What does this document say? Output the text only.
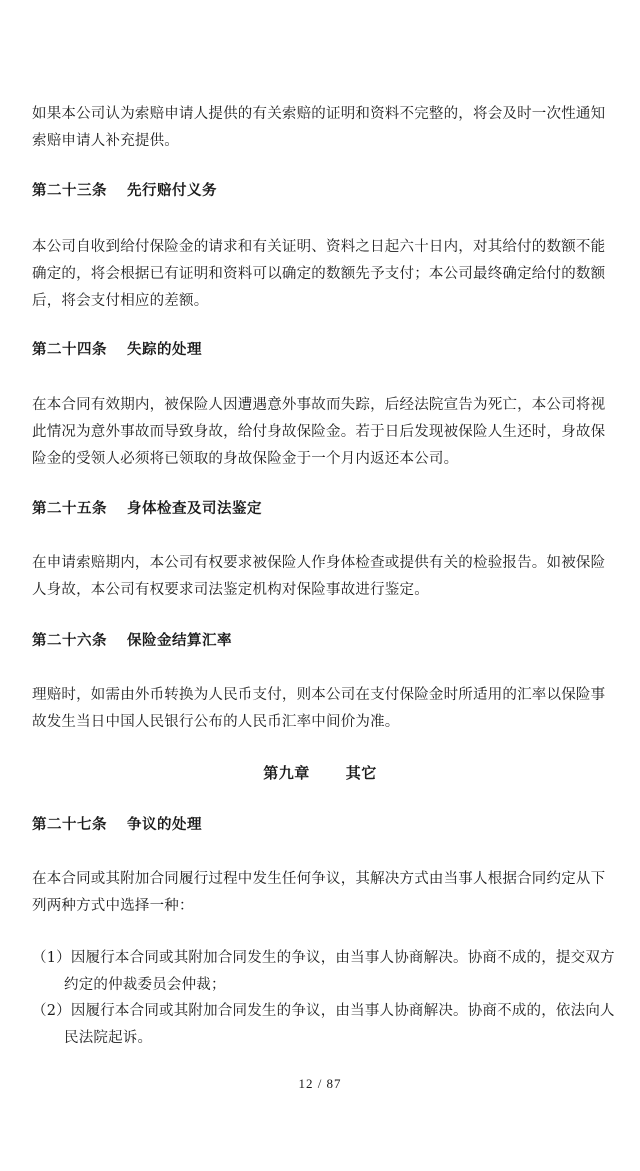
如果本公司认为索赔申请人提供的有关索赔的证明和资料不完整的，将会及时一次性通知索赔申请人补充提供。

第二十三条 先行赔付义务

本公司自收到给付保险金的请求和有关证明、资料之日起六十日内，对其给付的数额不能确定的，将会根据已有证明和资料可以确定的数额先予支付；本公司最终确定给付的数额后，将会支付相应的差额。

第二十四条 失踪的处理

在本合同有效期内，被保险人因遭遇意外事故而失踪，后经法院宣告为死亡，本公司将视此情况为意外事故而导致身故，给付身故保险金。若于日后发现被保险人生还时，身故保险金的受领人必须将已领取的身故保险金于一个月内返还本公司。

第二十五条 身体检查及司法鉴定

在申请索赔期内，本公司有权要求被保险人作身体检查或提供有关的检验报告。如被保险人身故，本公司有权要求司法鉴定机构对保险事故进行鉴定。

第二十六条 保险金结算汇率

理赔时，如需由外币转换为人民币支付，则本公司在支付保险金时所适用的汇率以保险事故发生当日中国人民银行公布的人民币汇率中间价为准。

第九章 其它
第二十七条 争议的处理

在本合同或其附加合同履行过程中发生任何争议，其解决方式由当事人根据合同约定从下列两种方式中选择一种：

（1）因履行本合同或其附加合同发生的争议，由当事人协商解决。协商不成的，提交双方约定的仲裁委员会仲裁；
（2）因履行本合同或其附加合同发生的争议，由当事人协商解决。协商不成的，依法向人民法院起诉。
12 / 87
